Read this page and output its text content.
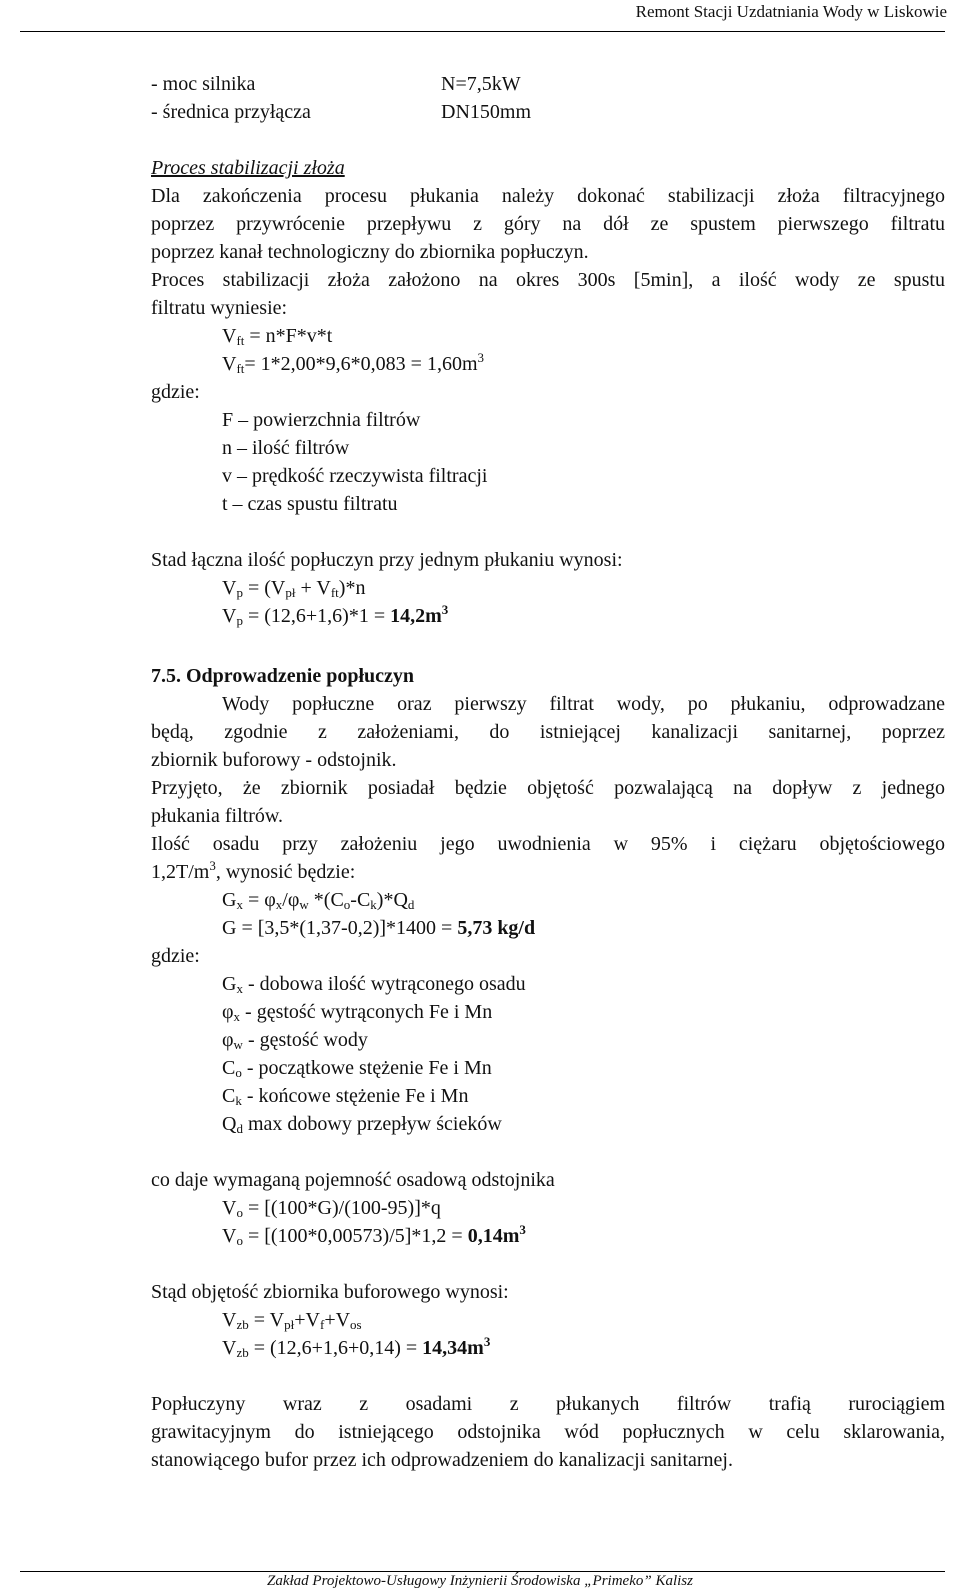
Remont Stacji Uzdatniania Wody w Liskowie
- moc silnika	N=7,5kW
- średnica przyłącza	DN150mm
Proces stabilizacji złoża
Dla zakończenia procesu płukania należy dokonać stabilizacji złoża filtracyjnego
poprzez przywrócenie przepływu z góry na dół ze spustem pierwszego filtratu
poprzez kanał technologiczny do zbiornika popłuczyn.
Proces stabilizacji złoża założono na okres 300s [5min], a ilość wody ze spustu
filtratu wyniesie:
$V_{ft} = n*F*v*t$
$V_{ft}= 1*2,00*9,6*0,083 = 1,60m^3$
gdzie:
F – powierzchnia filtrów
n – ilość filtrów
v – prędkość rzeczywista filtracji
t – czas spustu filtratu
Stad łączna ilość popłuczyn przy jednym płukaniu wynosi:
$V_p = (V_{pł} + V_{ft})*n$
$V_p = (12,6+1,6)*1 = 14,2m^3$
7.5. Odprowadzenie popłuczyn
Wody popłuczne oraz pierwszy filtrat wody, po płukaniu, odprowadzane
będą, zgodnie z założeniami, do istniejącej kanalizacji sanitarnej, poprzez
zbiornik buforowy - odstojnik.
Przyjęto, że zbiornik posiadał będzie objętość pozwalającą na dopływ z jednego
płukania filtrów.
Ilość osadu przy założeniu jego uwodnienia w 95% i ciężaru objętościowego
$1,2T/m^3$, wynosić będzie:
$G_x = \varphi_x/\varphi_w$ $*(C_o-C_k)*Q_d$
G = [3,5*(1,37-0,2)]*1400 = 5,73 kg/d
gdzie:
$G_x$ - dobowa ilość wytrąconego osadu
$\varphi_x$ - gęstość wytrąconych Fe i Mn
$\varphi_w$ - gęstość wody
$C_o$ - początkowe stężenie Fe i Mn
$C_k$ - końcowe stężenie Fe i Mn
$Q_d$ max dobowy przepływ ścieków
co daje wymaganą pojemność osadową odstojnika
$V_o = [(100*G)/(100-95)]*q$
$V_o = [(100*0,00573)/5]*1,2 = 0,14m^3$
Stąd objętość zbiornika buforowego wynosi:
$V_{zb} = V_{pł}+V_f+V_{os}$
$V_{zb} = (12,6+1,6+0,14) = 14,34m^3$
Popłuczyny wraz z osadami z płukanych filtrów trafią rurociągiem
grawitacyjnym do istniejącego odstojnika wód popłucznych w celu sklarowania,
stanowiącego bufor przez ich odprowadzeniem do kanalizacji sanitarnej.
Zakład Projektowo-Usługowy Inżynierii Środowiska „Primeko” Kalisz
